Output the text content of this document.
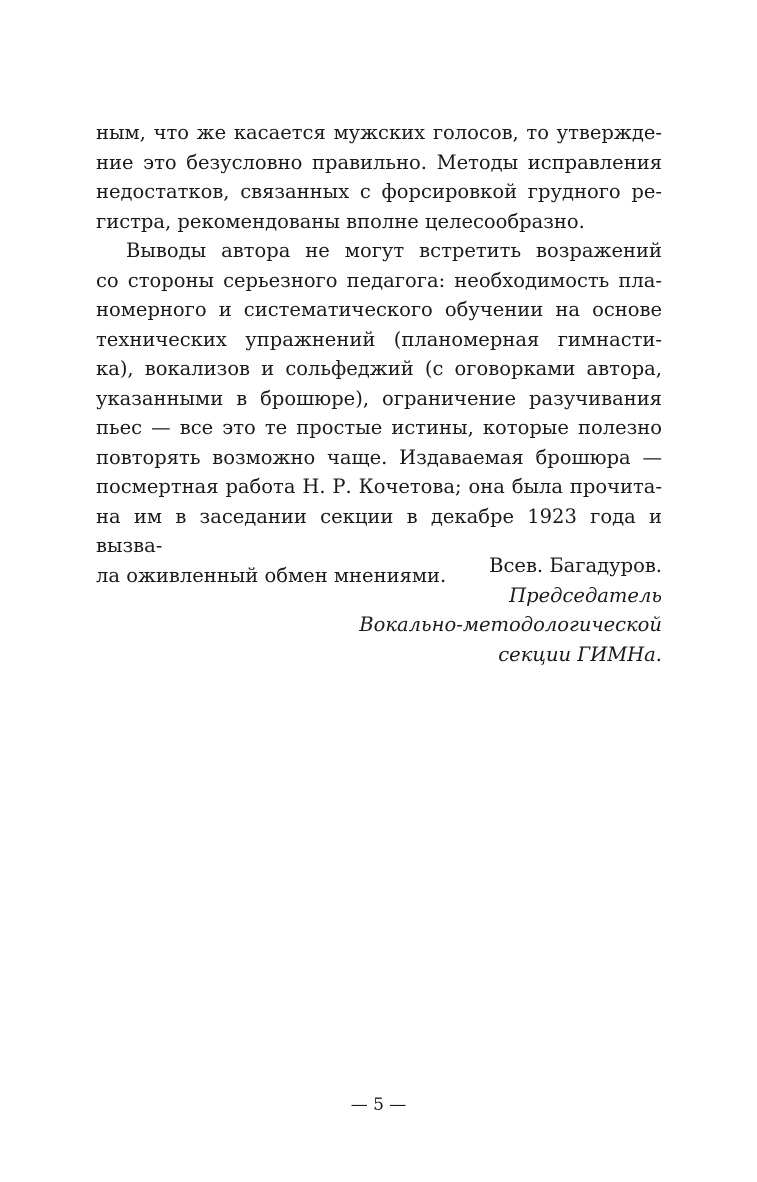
ным, что же касается мужских голосов, то утвержде-
ние это безусловно правильно. Методы исправления
недостатков, связанных с форсировкой грудного ре-
гистра, рекомендованы вполне целесообразно.

Выводы автора не могут встретить возражений
со стороны серьезного педагога: необходимость пла-
номерного и систематического обучении на основе
технических упражнений (планомерная гимнасти-
ка), вокализов и сольфеджий (с оговорками автора,
указанными в брошюре), ограничение разучивания
пьес — все это те простые истины, которые полезно
повторять возможно чаще. Издаваемая брошюра —
посмертная работа Н. Р. Кочетова; она была прочита-
на им в заседании секции в декабре 1923 года и вызва-
ла оживленный обмен мнениями.	Всев. Багадуров.
Председатель
Вокально-методологической
секции ГИМНа.
— 5 —
